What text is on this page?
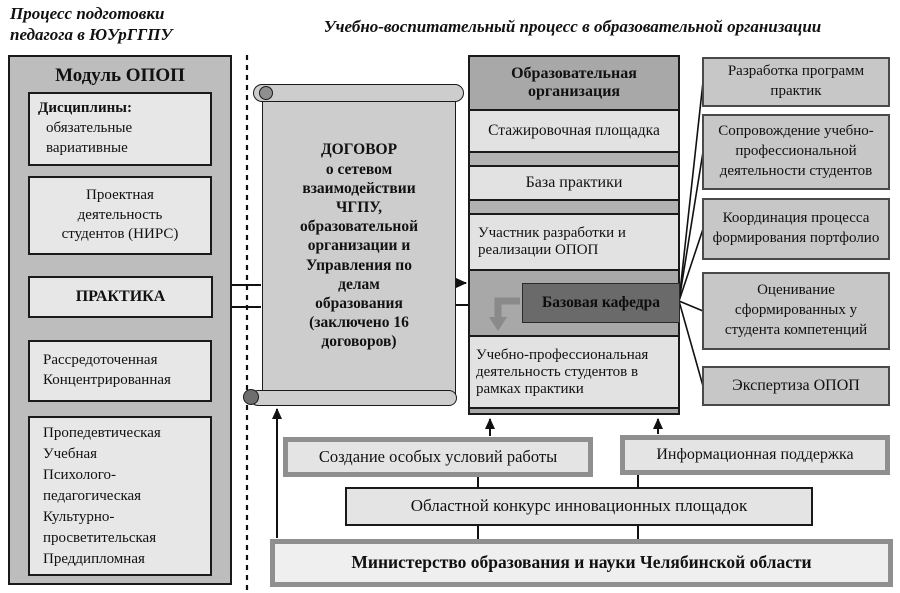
Процесс подготовки
педагога в ЮУрГГПУ	Учебно-воспитательный процесс в образовательной организации
Модуль ОПОП
Дисциплины:
обязательные
вариативные
Проектная деятельность студентов (НИРС)
ПРАКТИКА
Рассредоточенная
Концентрированная
Пропедевтическая
Учебная
Психолого-
педагогическая
Культурно-
просветительская
Преддипломная
ДОГОВОР
о сетевом
взаимодействии
ЧГПУ,
образовательной
организации и
Управления по
делам
образования
(заключено 16
договоров)
Образовательная организация
Стажировочная площадка
База практики
Участник разработки и реализации ОПОП
Базовая кафедра
Учебно-профессиональная деятельность студентов в рамках практики
Разработка программ практик
Сопровождение учебно-профессиональной деятельности студентов
Координация процесса формирования портфолио
Оценивание сформированных у студента компетенций
Экспертиза ОПОП
Создание особых условий работы	Информационная поддержка
Областной конкурс инновационных площадок
Министерство образования и науки Челябинской области
